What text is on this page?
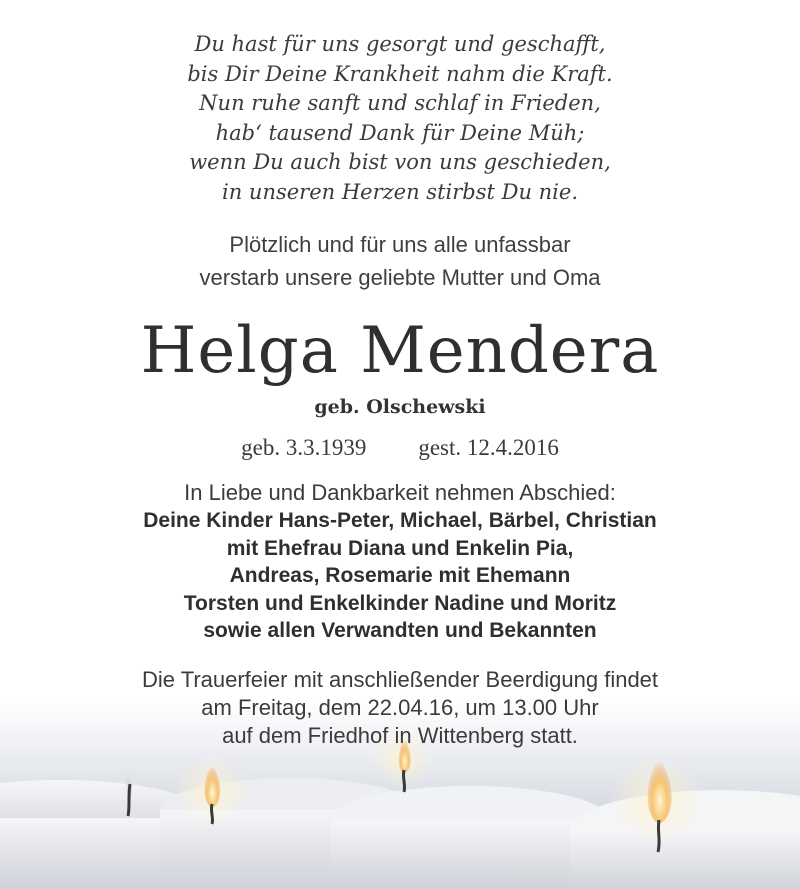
Du hast für uns gesorgt und geschafft,
bis Dir Deine Krankheit nahm die Kraft.
Nun ruhe sanft und schlaf in Frieden,
hab‘ tausend Dank für Deine Müh;
wenn Du auch bist von uns geschieden,
in unseren Herzen stirbst Du nie.
Plötzlich und für uns alle unfassbar
verstarb unsere geliebte Mutter und Oma
Helga Mendera
geb. Olschewski
geb. 3.3.1939 gest. 12.4.2016
In Liebe und Dankbarkeit nehmen Abschied:
Deine Kinder Hans-Peter, Michael, Bärbel, Christian
mit Ehefrau Diana und Enkelin Pia,
Andreas, Rosemarie mit Ehemann
Torsten und Enkelkinder Nadine und Moritz
sowie allen Verwandten und Bekannten
Die Trauerfeier mit anschließender Beerdigung findet
am Freitag, dem 22.04.16, um 13.00 Uhr
auf dem Friedhof in Wittenberg statt.
